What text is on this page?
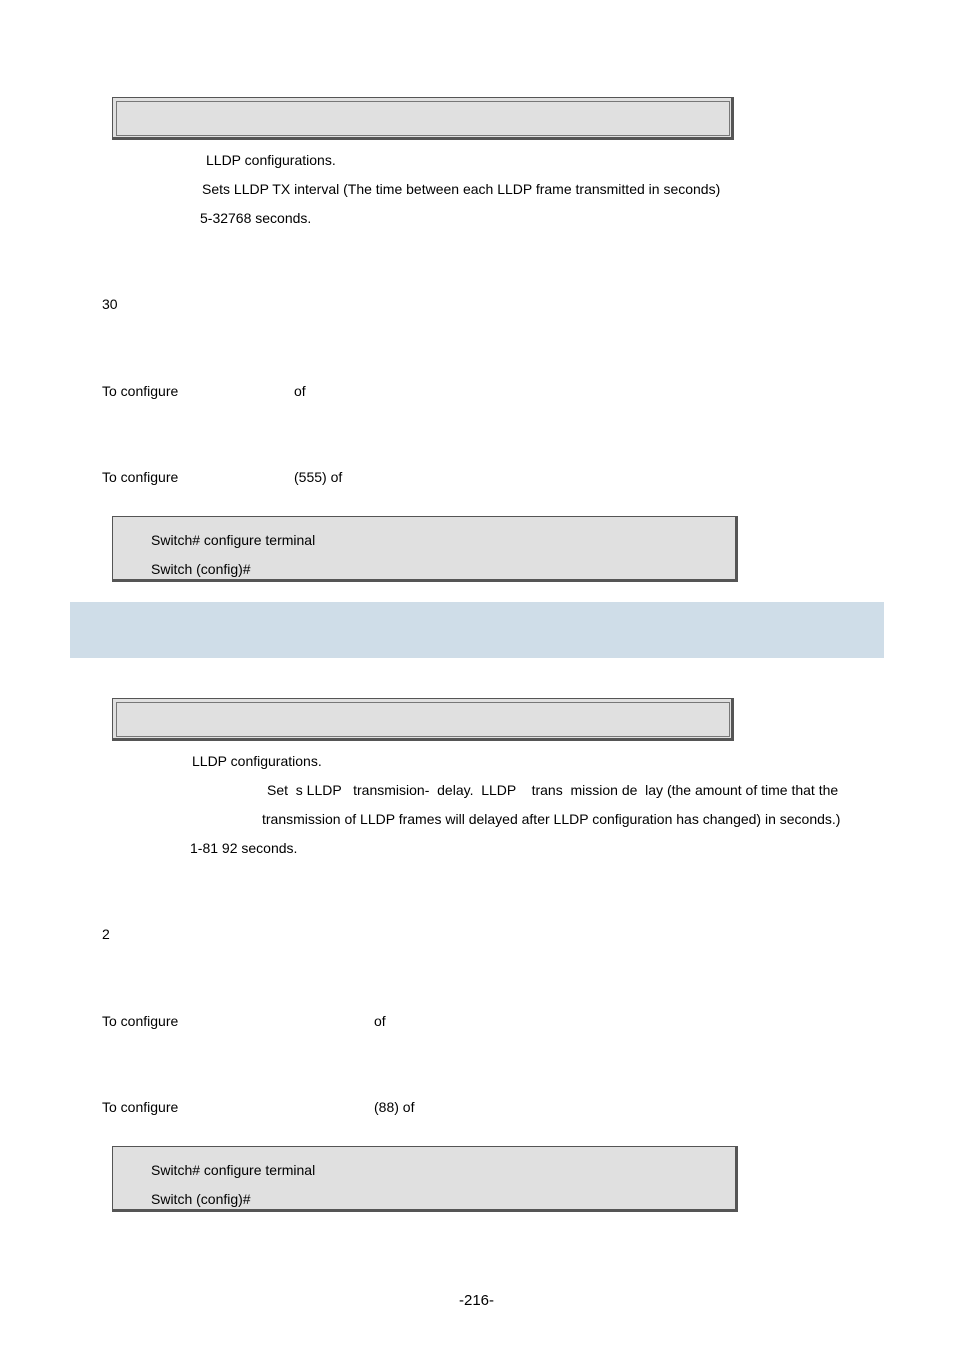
LLDP configurations.
Sets LLDP TX interval (The time between each LLDP frame transmitted in seconds)
5-32768 seconds.
30
To configure	of
To configure	(555) of
Switch# configure terminal
Switch (config)#
LLDP configurations.
Set  s LLDP   transmision-  delay.  LLDP    trans  mission de  lay (the amount of time that the
transmission of LLDP frames will delayed after LLDP configuration has changed) in seconds.)
1-81 92 seconds.
2
To configure	of
To configure	(88) of
Switch# configure terminal
Switch (config)#
-216-
